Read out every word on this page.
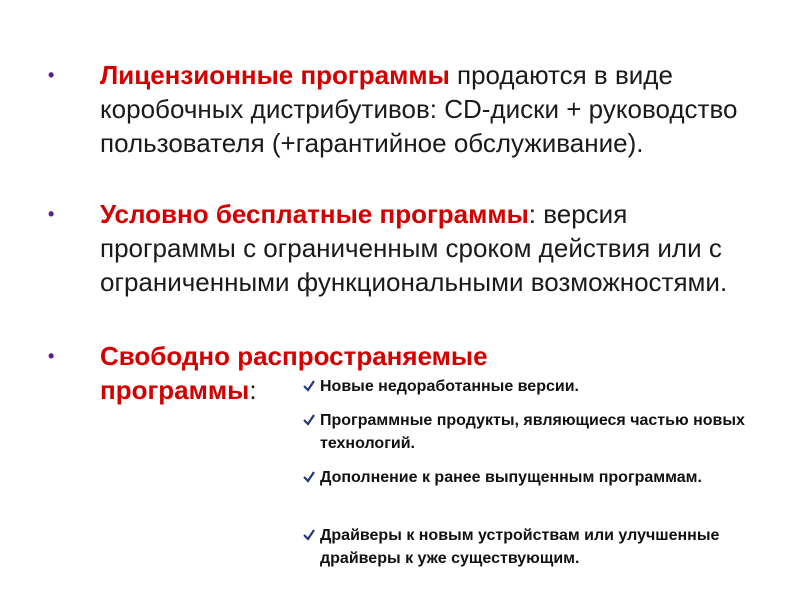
• Лицензионные программы продаются в виде коробочных дистрибутивов: CD-диски + руководство пользователя (+гарантийное обслуживание).
• Условно бесплатные программы: версия программы с ограниченным сроком действия или с ограниченными функциональными возможностями.
• Свободно распространяемые программы:	Новые недоработанные версии.
Программные продукты, являющиеся частью новых технологий.
Дополнение к ранее выпущенным программам.
Драйверы к новым устройствам или улучшенные драйверы к уже существующим.
